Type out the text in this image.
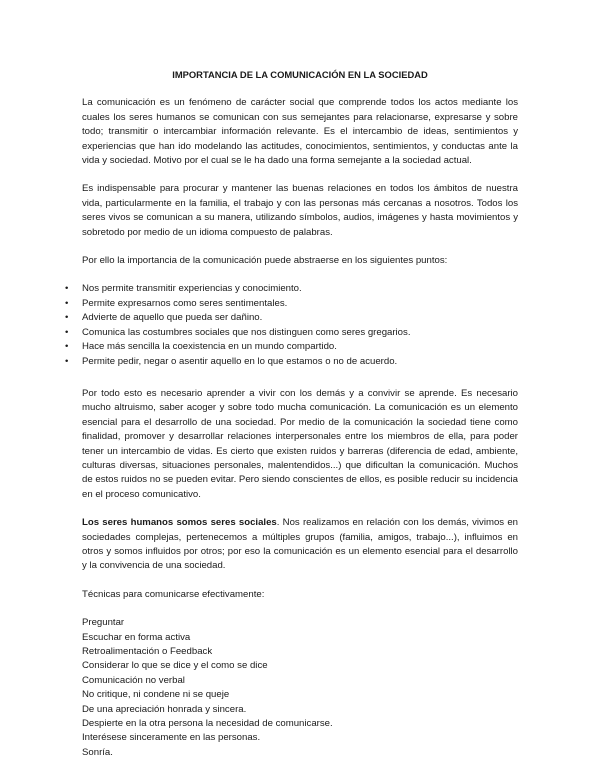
IMPORTANCIA DE LA COMUNICACIÓN EN LA SOCIEDAD

La comunicación es un fenómeno de carácter social que comprende todos los actos mediante los cuales los seres humanos se comunican con sus semejantes para relacionarse, expresarse y sobre todo; transmitir o intercambiar información relevante. Es el intercambio de ideas, sentimientos y experiencias que han ido modelando las actitudes, conocimientos, sentimientos, y conductas ante la vida y sociedad. Motivo por el cual se le ha dado una forma semejante a la sociedad actual.

Es indispensable para procurar y mantener las buenas relaciones en todos los ámbitos de nuestra vida, particularmente en la familia, el trabajo y con las personas más cercanas a nosotros. Todos los seres vivos se comunican a su manera, utilizando símbolos, audios, imágenes y hasta movimientos y sobretodo por medio de un idioma compuesto de palabras.

Por ello la importancia de la comunicación puede abstraerse en los siguientes puntos:

• Nos permite transmitir experiencias y conocimiento.
• Permite expresarnos como seres sentimentales.
• Advierte de aquello que pueda ser dañino.
• Comunica las costumbres sociales que nos distinguen como seres gregarios.
• Hace más sencilla la coexistencia en un mundo compartido.
• Permite pedir, negar o asentir aquello en lo que estamos o no de acuerdo.

Por todo esto es necesario aprender a vivir con los demás y a convivir se aprende. Es necesario mucho altruismo, saber acoger y sobre todo mucha comunicación. La comunicación es un elemento esencial para el desarrollo de una sociedad. Por medio de la comunicación la sociedad tiene como finalidad, promover y desarrollar relaciones interpersonales entre los miembros de ella, para poder tener un intercambio de vidas. Es cierto que existen ruidos y barreras (diferencia de edad, ambiente, culturas diversas, situaciones personales, malentendidos...) que dificultan la comunicación. Muchos de estos ruidos no se pueden evitar. Pero siendo conscientes de ellos, es posible reducir su incidencia en el proceso comunicativo.

Los seres humanos somos seres sociales. Nos realizamos en relación con los demás, vivimos en sociedades complejas, pertenecemos a múltiples grupos (familia, amigos, trabajo...), influimos en otros y somos influidos por otros; por eso la comunicación es un elemento esencial para el desarrollo y la convivencia de una sociedad.

Técnicas para comunicarse efectivamente:

Preguntar
Escuchar en forma activa
Retroalimentación o Feedback
Considerar lo que se dice y el como se dice
Comunicación no verbal
No critique, ni condene ni se queje
De una apreciación honrada y sincera.
Despierte en la otra persona la necesidad de comunicarse.
Interésese sinceramente en las personas.
Sonría.
